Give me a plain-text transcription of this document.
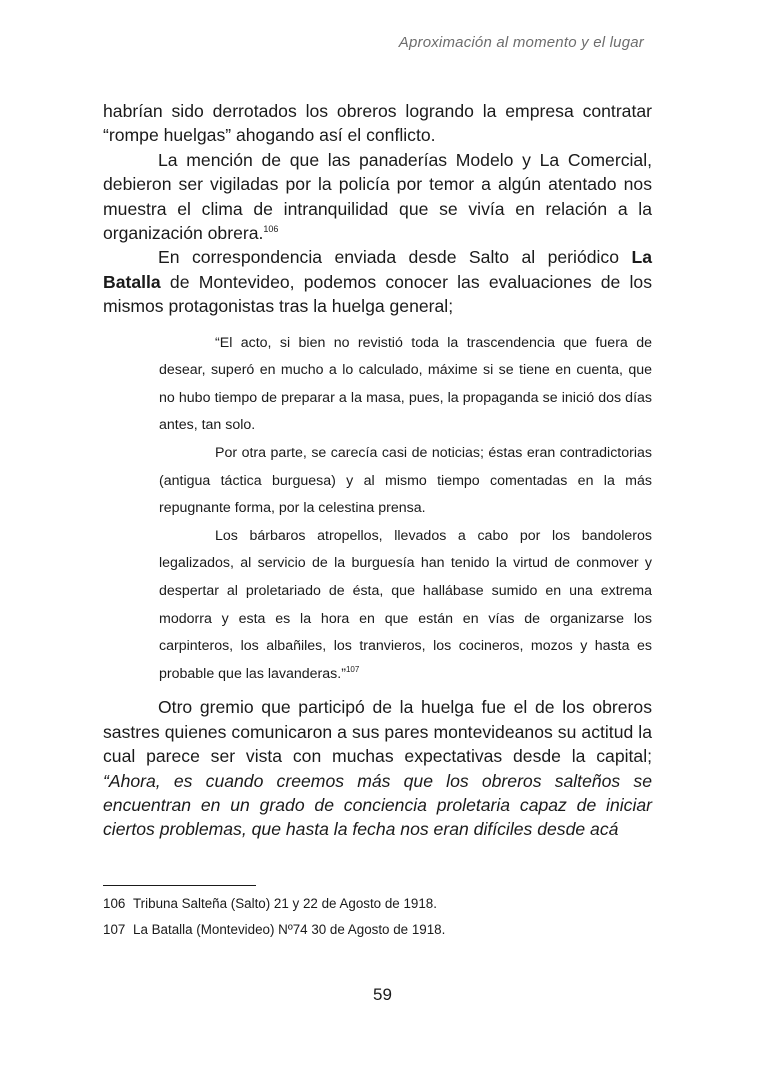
Aproximación al momento y el lugar

habrían sido derrotados los obreros logrando la empresa contratar “rompe huelgas” ahogando así el conflicto.

La mención de que las panaderías Modelo y La Comercial, debieron ser vigiladas por la policía por temor a algún atentado nos muestra el clima de intranquilidad que se vivía en relación a la organización obrera.$^{106}$

En correspondencia enviada desde Salto al periódico La Batalla de Montevideo, podemos conocer las evaluaciones de los mismos protagonistas tras la huelga general;

“El acto, si bien no revistió toda la trascendencia que fuera de desear, superó en mucho a lo calculado, máxime si se tiene en cuenta, que no hubo tiempo de preparar a la masa, pues, la propaganda se inició dos días antes, tan solo.

Por otra parte, se carecía casi de noticias; éstas eran contradictorias (antigua táctica burguesa) y al mismo tiempo comentadas en la más repugnante forma, por la celestina prensa.

Los bárbaros atropellos, llevados a cabo por los bandoleros legalizados, al servicio de la burguesía han tenido la virtud de conmover y despertar al proletariado de ésta, que hallábase sumido en una extrema modorra y esta es la hora en que están en vías de organizarse los carpinteros, los albañiles, los tranvieros, los cocineros, mozos y hasta es probable que las lavanderas.”$^{107}$

Otro gremio que participó de la huelga fue el de los obreros sastres quienes comunicaron a sus pares montevideanos su actitud la cual parece ser vista con muchas expectativas desde la capital; “Ahora, es cuando creemos más que los obreros salteños se encuentran en un grado de conciencia proletaria capaz de iniciar ciertos problemas, que hasta la fecha nos eran difíciles desde acá

106 Tribuna Salteña (Salto) 21 y 22 de Agosto de 1918.

107 La Batalla (Montevideo) Nº74 30 de Agosto de 1918.

59
